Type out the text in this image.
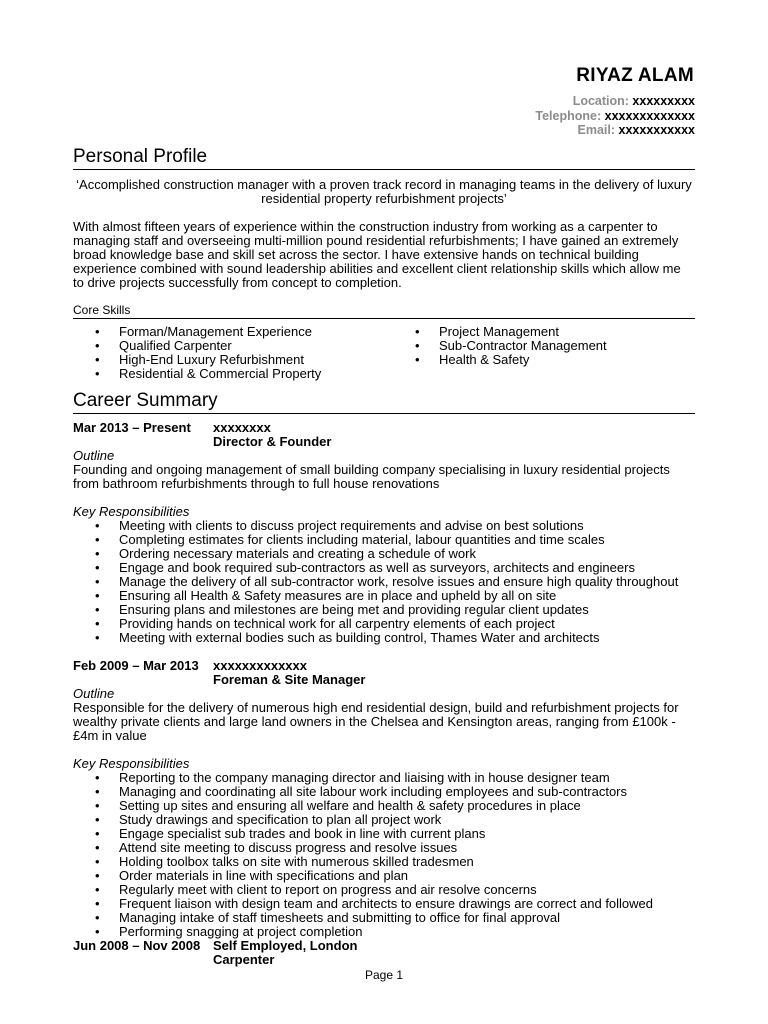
RIYAZ ALAM
Location: xxxxxxxxx
Telephone: xxxxxxxxxxxxx
Email: xxxxxxxxxxx
Personal Profile
‘Accomplished construction manager with a proven track record in managing teams in the delivery of luxury residential property refurbishment projects’
With almost fifteen years of experience within the construction industry from working as a carpenter to managing staff and overseeing multi-million pound residential refurbishments; I have gained an extremely broad knowledge base and skill set across the sector. I have extensive hands on technical building experience combined with sound leadership abilities and excellent client relationship skills which allow me to drive projects successfully from concept to completion.
Core Skills
• Forman/Management Experience
• Qualified Carpenter
• High-End Luxury Refurbishment
• Residential & Commercial Property
• Project Management
• Sub-Contractor Management
• Health & Safety
Career Summary
Mar 2013 – Present	xxxxxxxx
Director & Founder
Outline
Founding and ongoing management of small building company specialising in luxury residential projects from bathroom refurbishments through to full house renovations
Key Responsibilities
• Meeting with clients to discuss project requirements and advise on best solutions
• Completing estimates for clients including material, labour quantities and time scales
• Ordering necessary materials and creating a schedule of work
• Engage and book required sub-contractors as well as surveyors, architects and engineers
• Manage the delivery of all sub-contractor work, resolve issues and ensure high quality throughout
• Ensuring all Health & Safety measures are in place and upheld by all on site
• Ensuring plans and milestones are being met and providing regular client updates
• Providing hands on technical work for all carpentry elements of each project
• Meeting with external bodies such as building control, Thames Water and architects
Feb 2009 – Mar 2013	xxxxxxxxxxxxx
Foreman & Site Manager
Outline
Responsible for the delivery of numerous high end residential design, build and refurbishment projects for wealthy private clients and large land owners in the Chelsea and Kensington areas, ranging from £100k - £4m in value
Key Responsibilities
• Reporting to the company managing director and liaising with in house designer team
• Managing and coordinating all site labour work including employees and sub-contractors
• Setting up sites and ensuring all welfare and health & safety procedures in place
• Study drawings and specification to plan all project work
• Engage specialist sub trades and book in line with current plans
• Attend site meeting to discuss progress and resolve issues
• Holding toolbox talks on site with numerous skilled tradesmen
• Order materials in line with specifications and plan
• Regularly meet with client to report on progress and air resolve concerns
• Frequent liaison with design team and architects to ensure drawings are correct and followed
• Managing intake of staff timesheets and submitting to office for final approval
• Performing snagging at project completion
Jun 2008 – Nov 2008 Self Employed, London
Carpenter
Page 1
